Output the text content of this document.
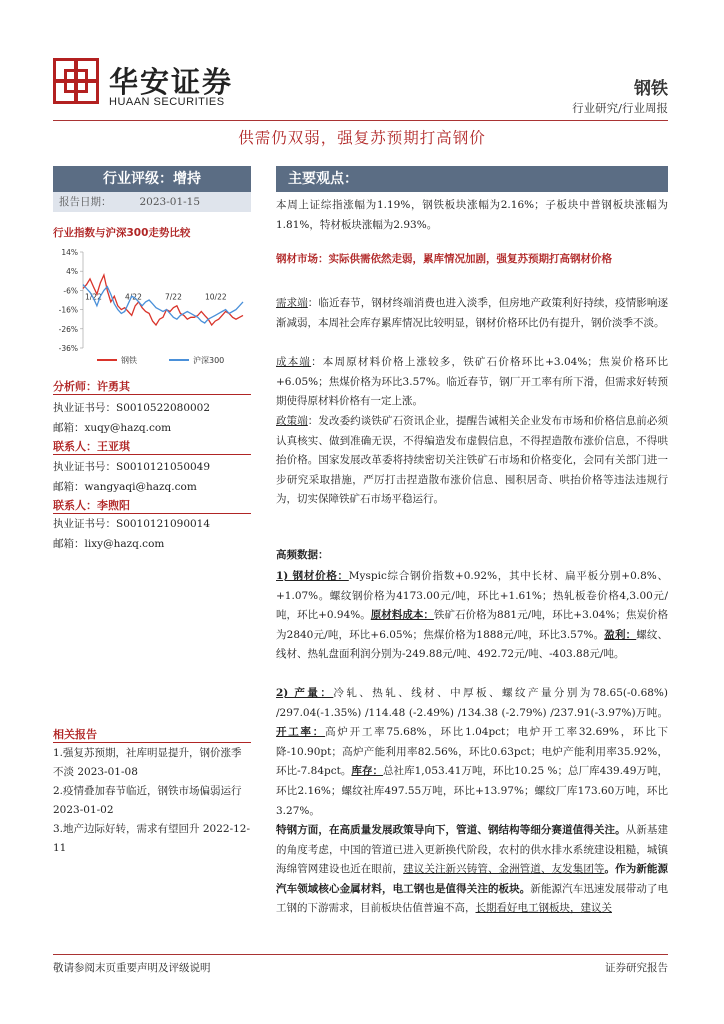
华安证券
HUAAN SECURITIES
钢铁
行业研究/行业周报
供需仍双弱，强复苏预期打高钢价
行业评级：增持
报告日期：	2023-01-15
行业指数与沪深300走势比较
14%
4%
-6%
-16%
-26%
-36%
1/22	4/22	7/22	10/22
钢铁	沪深300
分析师：许勇其
执业证书号：S0010522080002
邮箱：xuqy@hazq.com
联系人：王亚琪
执业证书号：S0010121050049
邮箱：wangyaqi@hazq.com
联系人：李煦阳
执业证书号：S0010121090014
邮箱：lixy@hazq.com
相关报告
1.强复苏预期，社库明显提升，钢价涨季不淡 2023-01-08
2.疫情叠加春节临近，钢铁市场偏弱运行 2023-01-02
3.地产边际好转，需求有望回升 2022-12-11
主要观点：
本周上证综指涨幅为1.19%，钢铁板块涨幅为2.16%；子板块中普钢板块涨幅为1.81%，特材板块涨幅为2.93%。
钢材市场：实际供需依然走弱，累库情况加剧，强复苏预期打高钢材价格
需求端：临近春节，钢材终端消费也进入淡季，但房地产政策利好持续，疫情影响逐渐减弱，本周社会库存累库情况比较明显，钢材价格环比仍有提升，钢价淡季不淡。
成本端：本周原材料价格上涨较多，铁矿石价格环比+3.04%；焦炭价格环比+6.05%；焦煤价格为环比3.57%。临近春节，钢厂开工率有所下滑，但需求好转预期使得原材料价格有一定上涨。
政策端：发改委约谈铁矿石资讯企业，提醒告诫相关企业发布市场和价格信息前必须认真核实、做到准确无误，不得编造发布虚假信息，不得捏造散布涨价信息，不得哄抬价格。国家发展改革委将持续密切关注铁矿石市场和价格变化，会同有关部门进一步研究采取措施，严厉打击捏造散布涨价信息、囤积居奇、哄抬价格等违法违规行为，切实保障铁矿石市场平稳运行。
高频数据：
1) 钢材价格：Myspic综合钢价指数+0.92%，其中长材、扁平板分别+0.8%、+1.07%。螺纹钢价格为4173.00元/吨，环比+1.61%；热轧板卷价格4,3.00元/吨，环比+0.94%。原材料成本：铁矿石价格为881元/吨，环比+3.04%；焦炭价格为2840元/吨，环比+6.05%；焦煤价格为1888元/吨，环比3.57%。盈利：螺纹、线材、热轧盘面利润分别为-249.88元/吨、492.72元/吨、-403.88元/吨。
2) 产量：冷轧、热轧、线材、中厚板、螺纹产量分别为78.65(-0.68%) /297.04(-1.35%) /114.48 (-2.49%) /134.38 (-2.79%) /237.91(-3.97%)万吨。开工率：高炉开工率75.68%，环比1.04pct；电炉开工率32.69%，环比下降-10.90pt；高炉产能利用率82.56%，环比0.63pct；电炉产能利用率35.92%，环比-7.84pct。库存：总社库1,053.41万吨，环比10.25 %；总厂库439.49万吨，环比2.16%；螺纹社库497.55万吨，环比+13.97%；螺纹厂库173.60万吨，环比3.27%。
特钢方面，在高质量发展政策导向下，管道、钢结构等细分赛道值得关注。从新基建的角度考虑，中国的管道已进入更新换代阶段，农村的供水排水系统建设粗糙，城镇海绵管网建设也近在眼前，建议关注新兴铸管、金洲管道、友发集团等。作为新能源汽车领域核心金属材料，电工钢也是值得关注的板块。新能源汽车迅速发展带动了电工钢的下游需求，目前板块估值普遍不高，长期看好电工钢板块，建议关
敬请参阅末页重要声明及评级说明	证券研究报告
